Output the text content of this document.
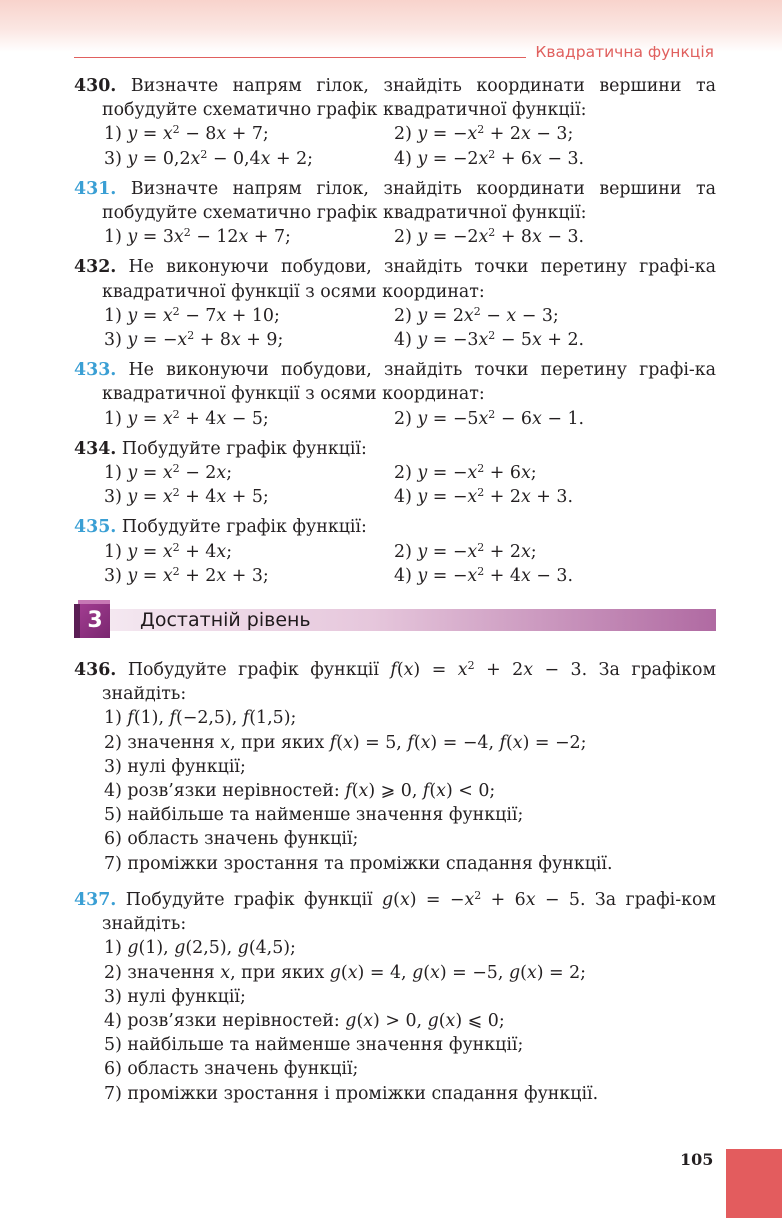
Квадратична функція
430. Визначте напрям гілок, знайдіть координати вершини та побудуйте схематично графік квадратичної функції:
1) $y = x^2 - 8x + 7$;	2) $y = -x^2 + 2x - 3$;
3) $y = 0,2x^2 - 0,4x + 2$;	4) $y = -2x^2 + 6x - 3$.
431. Визначте напрям гілок, знайдіть координати вершини та побудуйте схематично графік квадратичної функції:
1) $y = 3x^2 - 12x + 7$;	2) $y = -2x^2 + 8x - 3$.
432. Не виконуючи побудови, знайдіть точки перетину графі-ка квадратичної функції з осями координат:
1) $y = x^2 - 7x + 10$;	2) $y = 2x^2 - x - 3$;
3) $y = -x^2 + 8x + 9$;	4) $y = -3x^2 - 5x + 2$.
433. Не виконуючи побудови, знайдіть точки перетину графі-ка квадратичної функції з осями координат:
1) $y = x^2 + 4x - 5$;	2) $y = -5x^2 - 6x - 1$.
434. Побудуйте графік функції:
1) $y = x^2 - 2x$;	2) $y = -x^2 + 6x$;
3) $y = x^2 + 4x + 5$;	4) $y = -x^2 + 2x + 3$.
435. Побудуйте графік функції:
1) $y = x^2 + 4x$;	2) $y = -x^2 + 2x$;
3) $y = x^2 + 2x + 3$;	4) $y = -x^2 + 4x - 3$.
3	Достатній рівень
436. Побудуйте графік функції $f(x) = x^2 + 2x - 3$. За графіком знайдіть:
1) f(1), f(−2,5), f(1,5);
2) значення x, при яких f(x) = 5, f(x) = −4, f(x) = −2;
3) нулі функції;
4) розв’язки нерівностей: f(x) ⩾ 0, f(x) < 0;
5) найбільше та найменше значення функції;
6) область значень функції;
7) проміжки зростання та проміжки спадання функції.
437. Побудуйте графік функції $g(x) = -x^2 + 6x - 5$. За графі-ком знайдіть:
1) g(1), g(2,5), g(4,5);
2) значення x, при яких g(x) = 4, g(x) = −5, g(x) = 2;
3) нулі функції;
4) розв’язки нерівностей: g(x) > 0, g(x) ⩽ 0;
5) найбільше та найменше значення функції;
6) область значень функції;
7) проміжки зростання і проміжки спадання функції.
105
